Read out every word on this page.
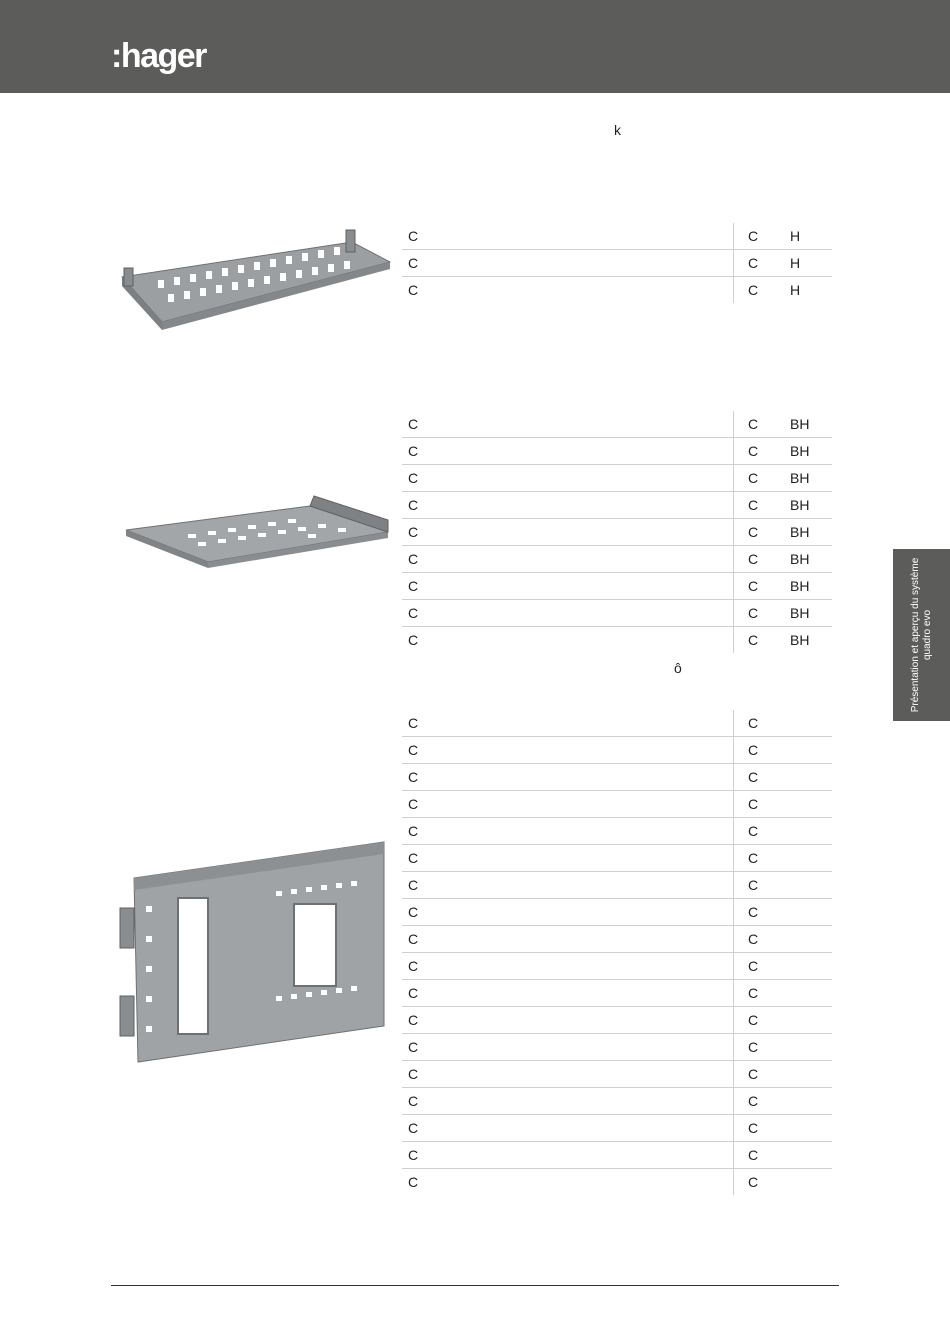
:hager
k
C	C	H
C	C	H
C	C	H
C	C	BH
C	C	BH
C	C	BH
C	C	BH
C	C	BH
C	C	BH
C	C	BH
C	C	BH
C	C	BH
ô
C	C	
C	C	
C	C	
C	C	
C	C	
C	C	
C	C	
C	C	
C	C	
C	C	
C	C	
C	C	
C	C	
C	C	
C	C	
C	C	
C	C	
C	C	
Présentation et aperçu du système quadro evo
